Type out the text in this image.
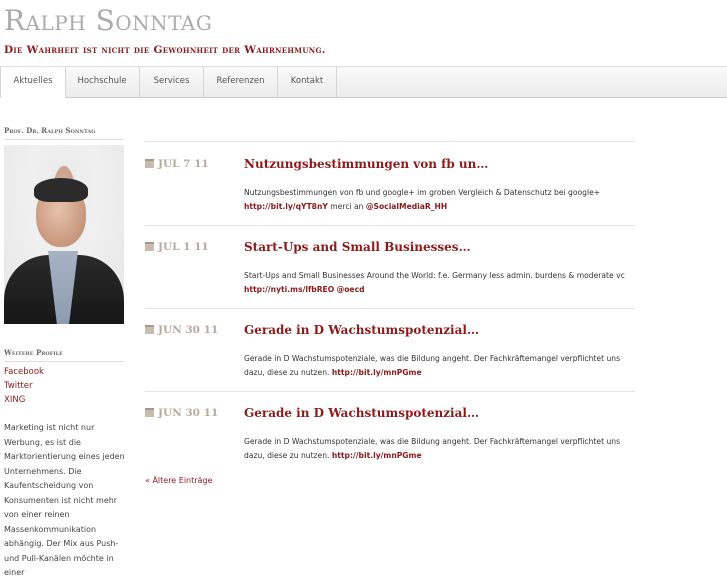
Ralph Sonntag
Die Wahrheit ist nicht die Gewohnheit der Wahrnehmung.
Aktuelles	Hochschule	Services	Referenzen	Kontakt
Prof. Dr. Ralph Sonntag
Weitere Profile
Facebook
Twitter
XING

Marketing ist nicht nur Werbung, es ist die Marktorientierung eines jeden Unternehmens. Die Kaufentscheidung von Konsumenten ist nicht mehr von einer reinen Massenkommunikation abhängig. Der Mix aus Push- und Pull-Kanälen möchte in einer

JUL 7 11	Nutzungsbestimmungen von fb un…

Nutzungsbestimmungen von fb und google+ im groben Vergleich & Datenschutz bei google+
http://bit.ly/qYT8nY merci an @SocialMediaR_HH

JUL 1 11	Start-Ups and Small Businesses…

Start-Ups and Small Businesses Around the World: f.e. Germany less admin. burdens & moderate vc
http://nyti.ms/lfbREO @oecd

JUN 30 11 Gerade in D Wachstumspotenzial…

Gerade in D Wachstumspotenziale, was die Bildung angeht. Der Fachkräftemangel verpflichtet uns dazu, diese zu nutzen. http://bit.ly/mnPGme

JUN 30 11 Gerade in D Wachstumspotenzial…

Gerade in D Wachstumspotenziale, was die Bildung angeht. Der Fachkräftemangel verpflichtet uns dazu, diese zu nutzen. http://bit.ly/mnPGme

« Ältere Einträge
